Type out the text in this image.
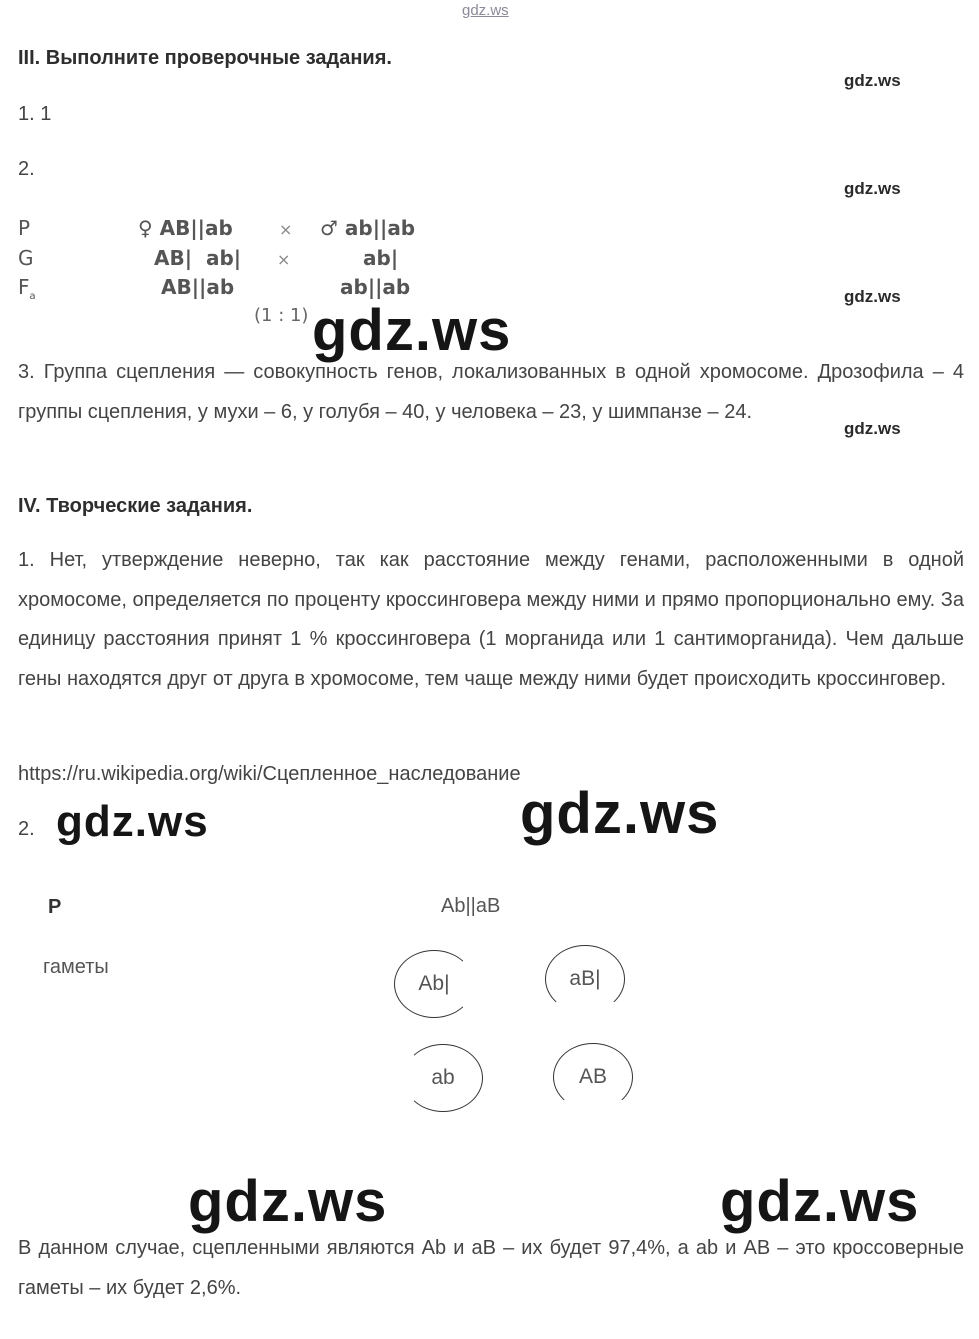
gdz.ws
gdz.ws
gdz.ws
gdz.ws
gdz.ws
III. Выполните проверочные задания.
1. 1
2.
P	♀ AB||ab	× ♂ ab||ab
G	AB|  ab| ×	ab|
$F_a$	AB||ab	ab||ab
(1 : 1) gdz.ws
3. Группа сцепления — совокупность генов, локализованных в одной хромосоме. Дрозофила – 4 группы сцепления, у мухи – 6, у голубя – 40, у человека – 23, у шимпанзе – 24.
IV. Творческие задания.
1. Нет, утверждение неверно, так как расстояние между генами, расположенными в одной хромосоме, определяется по проценту кроссинговера между ними и прямо пропорционально ему. За единицу расстояния принят 1 % кроссинговера (1 морганида или 1 сантиморганида). Чем дальше гены находятся друг от друга в хромосоме, тем чаще между ними будет происходить кроссинговер.
https://ru.wikipedia.org/wiki/Сцепленное_наследование
2. gdz.ws	gdz.ws
P	Ab||aB
гаметы
Ab|	aB|
ab	AB
gdz.ws	gdz.ws
В данном случае, сцепленными являются Ab и aB – их будет 97,4%, а ab и AB – это кроссоверные гаметы – их будет 2,6%.
